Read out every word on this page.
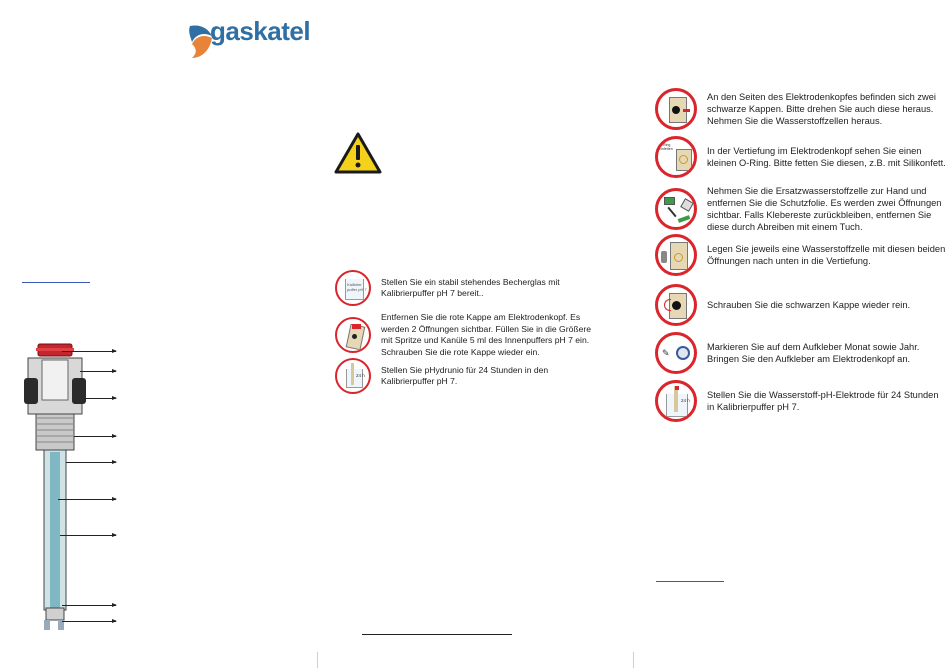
gaskatel
Kalibrier puffer pH 7
Stellen Sie ein stabil stehendes Becherglas mit Kalibrierpuffer pH 7 bereit..
Entfernen Sie die rote Kappe am Elektrodenkopf. Es werden 2 Öffnungen sichtbar. Füllen Sie in die Größere mit Spritze und Kanüle 5 ml des Innenpuffers pH 7 ein. Schrauben Sie die rote Kappe wieder ein.
24 h
Stellen Sie pHydrunio für 24 Stunden in den Kalibrierpuffer pH 7.
An den Seiten des Elektrodenkopfes befinden sich zwei schwarze Kappen. Bitte drehen Sie auch diese heraus. Nehmen Sie die Wasserstoffzellen heraus.
O-Ring einfetten	In der Vertiefung im Elektrodenkopf sehen Sie einen kleinen O-Ring. Bitte fetten Sie diesen, z.B. mit Silikonfett.
Nehmen Sie die Ersatzwasserstoffzelle zur Hand und entfernen Sie die Schutzfolie. Es werden zwei Öffnungen sichtbar. Falls Klebereste zurückbleiben, entfernen Sie diese durch Abreiben mit einem Tuch.
Legen Sie jeweils eine Wasserstoffzelle mit diesen beiden Öffnungen nach unten in die Vertiefung.
Schrauben Sie die schwarzen Kappe wieder rein.
✎
Markieren Sie auf dem Aufkleber Monat sowie Jahr. Bringen Sie den Aufkleber am Elektrodenkopf an.
24 h
Stellen Sie die Wasserstoff-pH-Elektrode für 24 Stunden in Kalibrierpuffer pH 7.
